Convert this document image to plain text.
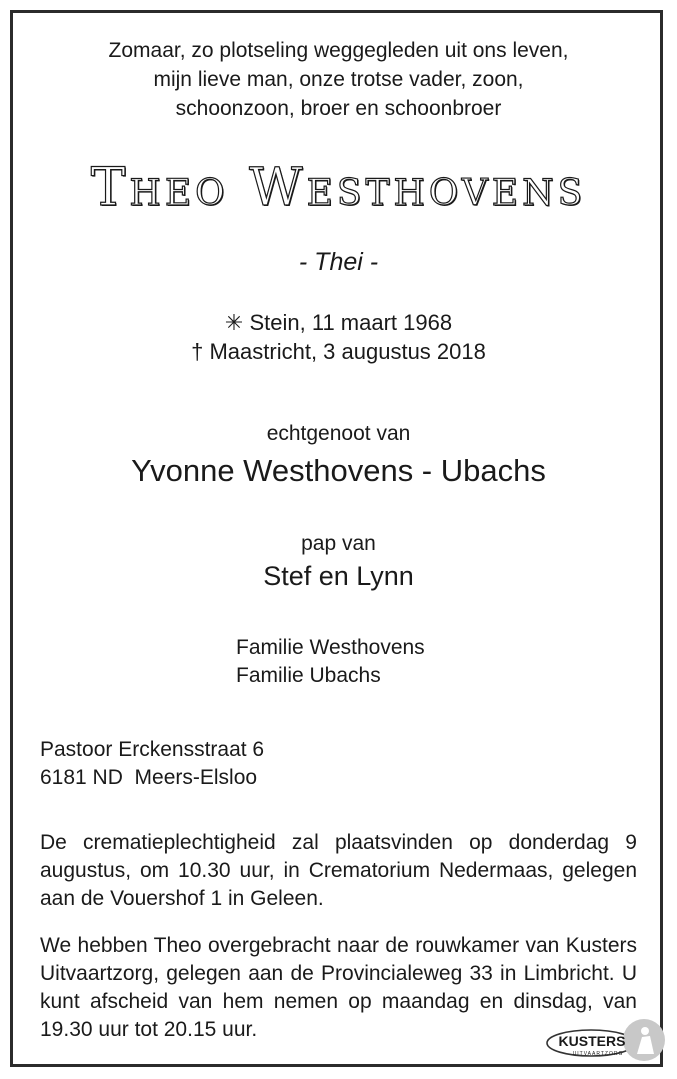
Zomaar, zo plotseling weggegleden uit ons leven,
mijn lieve man, onze trotse vader, zoon,
schoonzoon, broer en schoonbroer
Theo Westhovens
- Thei -
✳ Stein, 11 maart 1968
† Maastricht, 3 augustus 2018
echtgenoot van
Yvonne Westhovens - Ubachs
pap van
Stef en Lynn
Familie Westhovens
Familie Ubachs
Pastoor Erckensstraat 6
6181 ND  Meers-Elsloo
De crematieplechtigheid zal plaatsvinden op donderdag 9 augustus, om 10.30 uur, in Crematorium Nedermaas, gelegen aan de Vouershof 1 in Geleen.
We hebben Theo overgebracht naar de rouwkamer van Kusters Uitvaartzorg, gelegen aan de Provincialeweg 33 in Limbricht. U kunt afscheid van hem nemen op maandag en dinsdag, van 19.30 uur tot 20.15 uur.	KUSTERS
UITVAARTZORG
